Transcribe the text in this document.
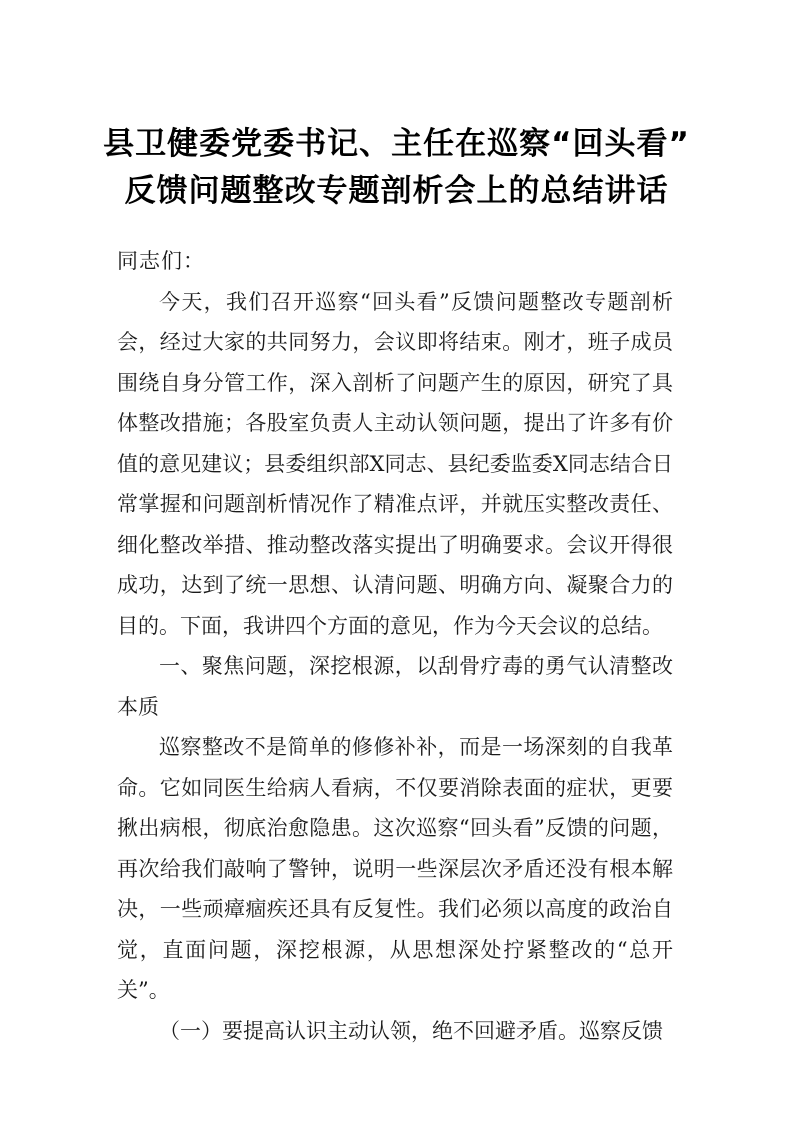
县卫健委党委书记、主任在巡察“回头看”
反馈问题整改专题剖析会上的总结讲话

同志们：

今天，我们召开巡察“回头看”反馈问题整改专题剖析会，经过大家的共同努力，会议即将结束。刚才，班子成员围绕自身分管工作，深入剖析了问题产生的原因，研究了具体整改措施；各股室负责人主动认领问题，提出了许多有价值的意见建议；县委组织部X同志、县纪委监委X同志结合日常掌握和问题剖析情况作了精准点评，并就压实整改责任、细化整改举措、推动整改落实提出了明确要求。会议开得很成功，达到了统一思想、认清问题、明确方向、凝聚合力的目的。下面，我讲四个方面的意见，作为今天会议的总结。

一、聚焦问题，深挖根源，以刮骨疗毒的勇气认清整改本质

巡察整改不是简单的修修补补，而是一场深刻的自我革命。它如同医生给病人看病，不仅要消除表面的症状，更要揪出病根，彻底治愈隐患。这次巡察“回头看”反馈的问题，再次给我们敲响了警钟，说明一些深层次矛盾还没有根本解决，一些顽瘴痼疾还具有反复性。我们必须以高度的政治自觉，直面问题，深挖根源，从思想深处拧紧整改的“总开关”。

（一）要提高认识主动认领，绝不回避矛盾。巡察反馈
